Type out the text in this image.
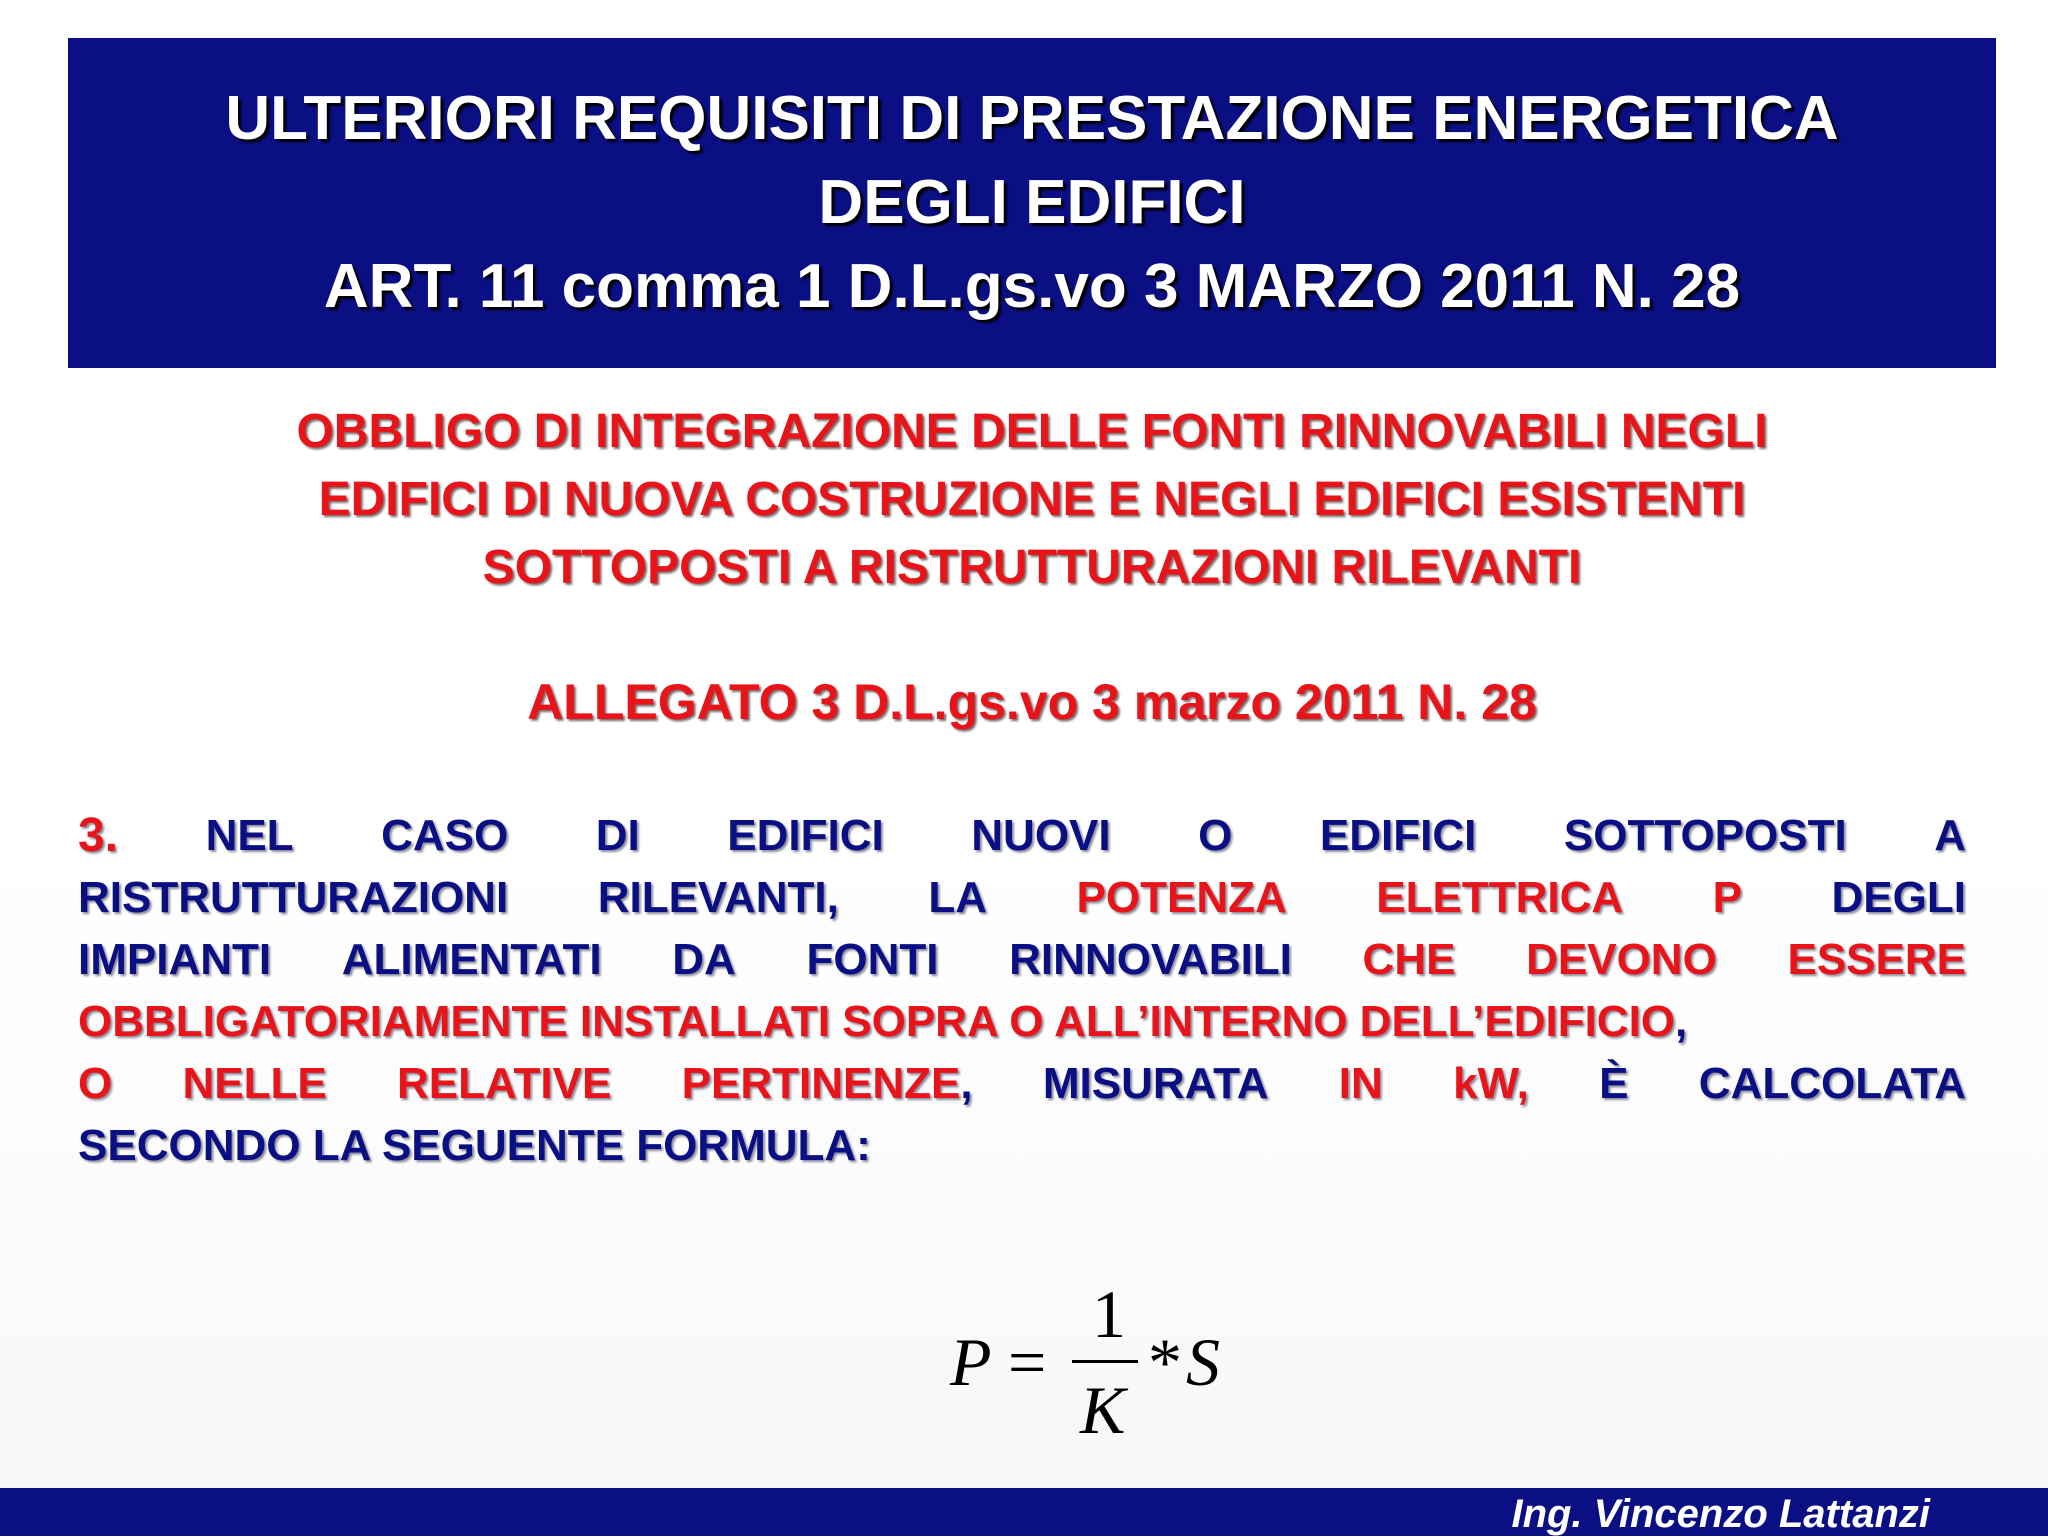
ULTERIORI REQUISITI DI PRESTAZIONE ENERGETICA
DEGLI EDIFICI
ART. 11 comma 1 D.L.gs.vo 3 MARZO 2011 N. 28
OBBLIGO DI INTEGRAZIONE DELLE FONTI RINNOVABILI NEGLI
EDIFICI DI NUOVA COSTRUZIONE E NEGLI EDIFICI ESISTENTI
SOTTOPOSTI A RISTRUTTURAZIONI RILEVANTI
ALLEGATO 3 D.L.gs.vo 3 marzo 2011 N. 28
3. NEL CASO DI EDIFICI NUOVI O EDIFICI SOTTOPOSTI A
RISTRUTTURAZIONI RILEVANTI, LA POTENZA ELETTRICA P DEGLI
IMPIANTI ALIMENTATI DA FONTI RINNOVABILI CHE DEVONO ESSERE
OBBLIGATORIAMENTE INSTALLATI SOPRA O ALL’INTERNO DELL’EDIFICIO,
O NELLE RELATIVE PERTINENZE, MISURATA IN kW, È CALCOLATA
SECONDO LA SEGUENTE FORMULA:
P =
1
K
* S
Ing. Vincenzo Lattanzi
